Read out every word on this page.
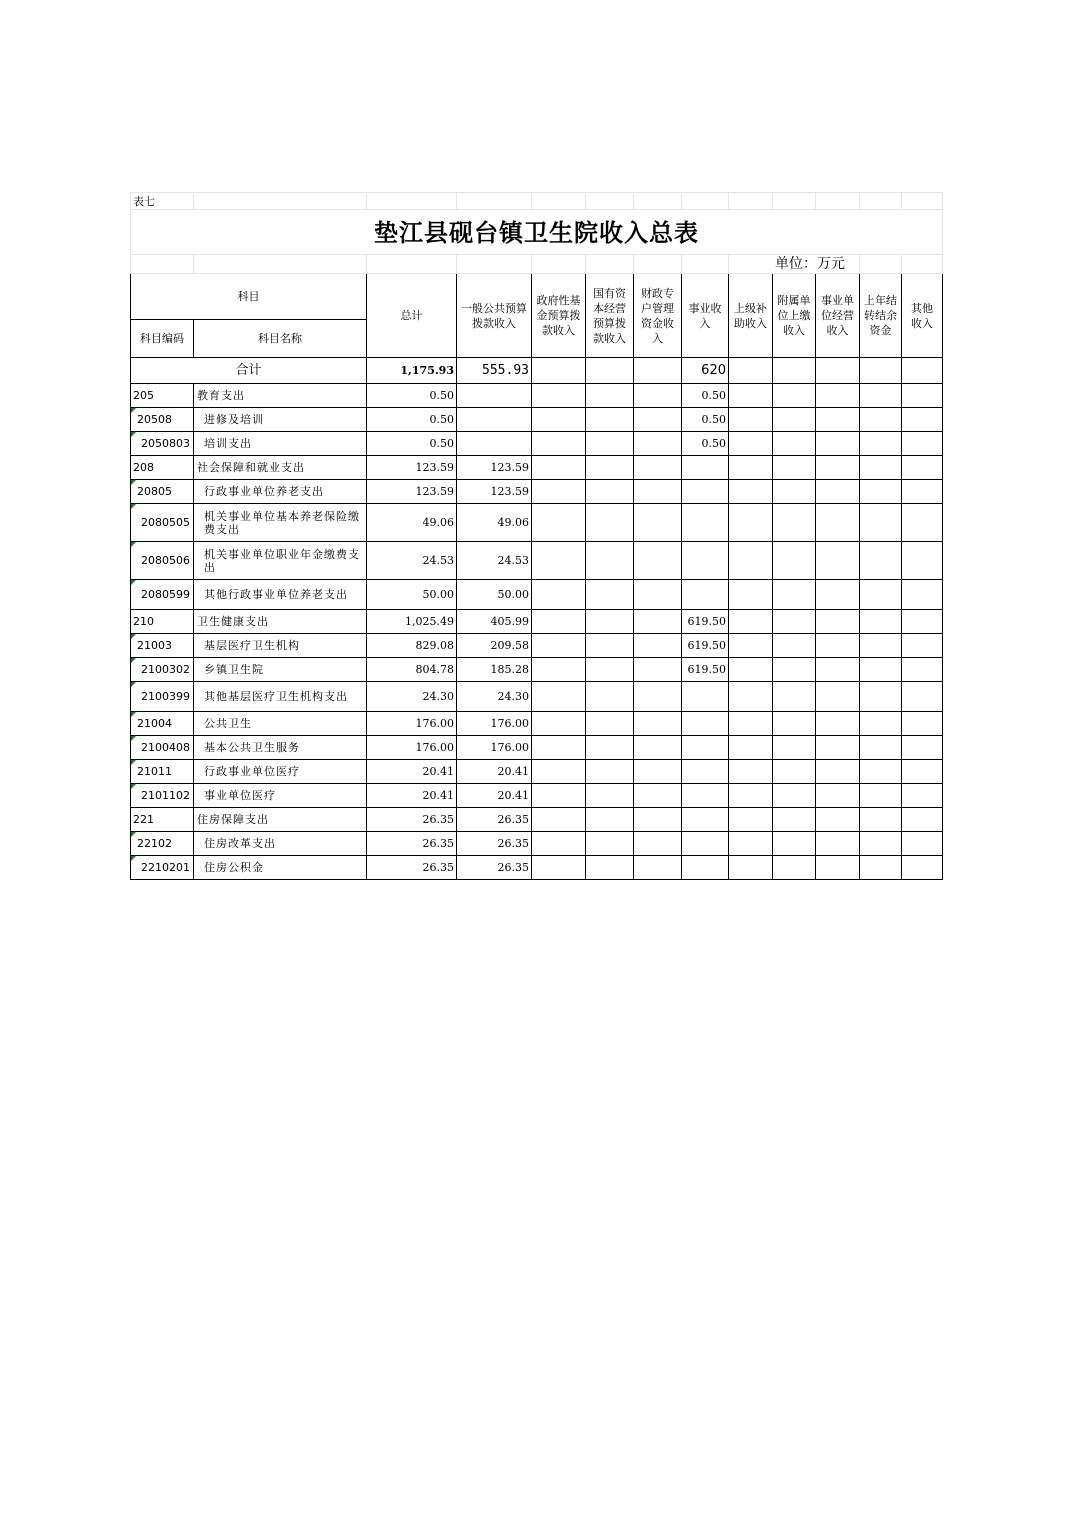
表七												
垫江县砚台镇卫生院收入总表												
								单位：万元				
科目		总计	一般公共预算拨款收入	政府性基金预算拨款收入	国有资本经营预算拨款收入	财政专户管理资金收入	事业收入	上级补助收入	附属单位上缴收入	事业单位经营收入	上年结转结余资金	其他收入
科目编码	科目名称											
合计		1,175.93	555.93				620					
205	教育支出	0.50					0.50					

20508	进修及培训	0.50					0.50					

2050803	培训支出	0.50					0.50					
208	社会保障和就业支出	123.59	123.59									

20805	行政事业单位养老支出	123.59	123.59									

2080505	机关事业单位基本养老保险缴费支出	49.06	49.06									

2080506	机关事业单位职业年金缴费支出	24.53	24.53									

2080599	其他行政事业单位养老支出	50.00	50.00									
210	卫生健康支出	1,025.49	405.99				619.50					

21003	基层医疗卫生机构	829.08	209.58				619.50					

2100302	乡镇卫生院	804.78	185.28				619.50					

2100399	其他基层医疗卫生机构支出	24.30	24.30									

21004	公共卫生	176.00	176.00									

2100408	基本公共卫生服务	176.00	176.00									

21011	行政事业单位医疗	20.41	20.41									

2101102	事业单位医疗	20.41	20.41									
221	住房保障支出	26.35	26.35									

22102	住房改革支出	26.35	26.35									

2210201	住房公积金	26.35	26.35									
